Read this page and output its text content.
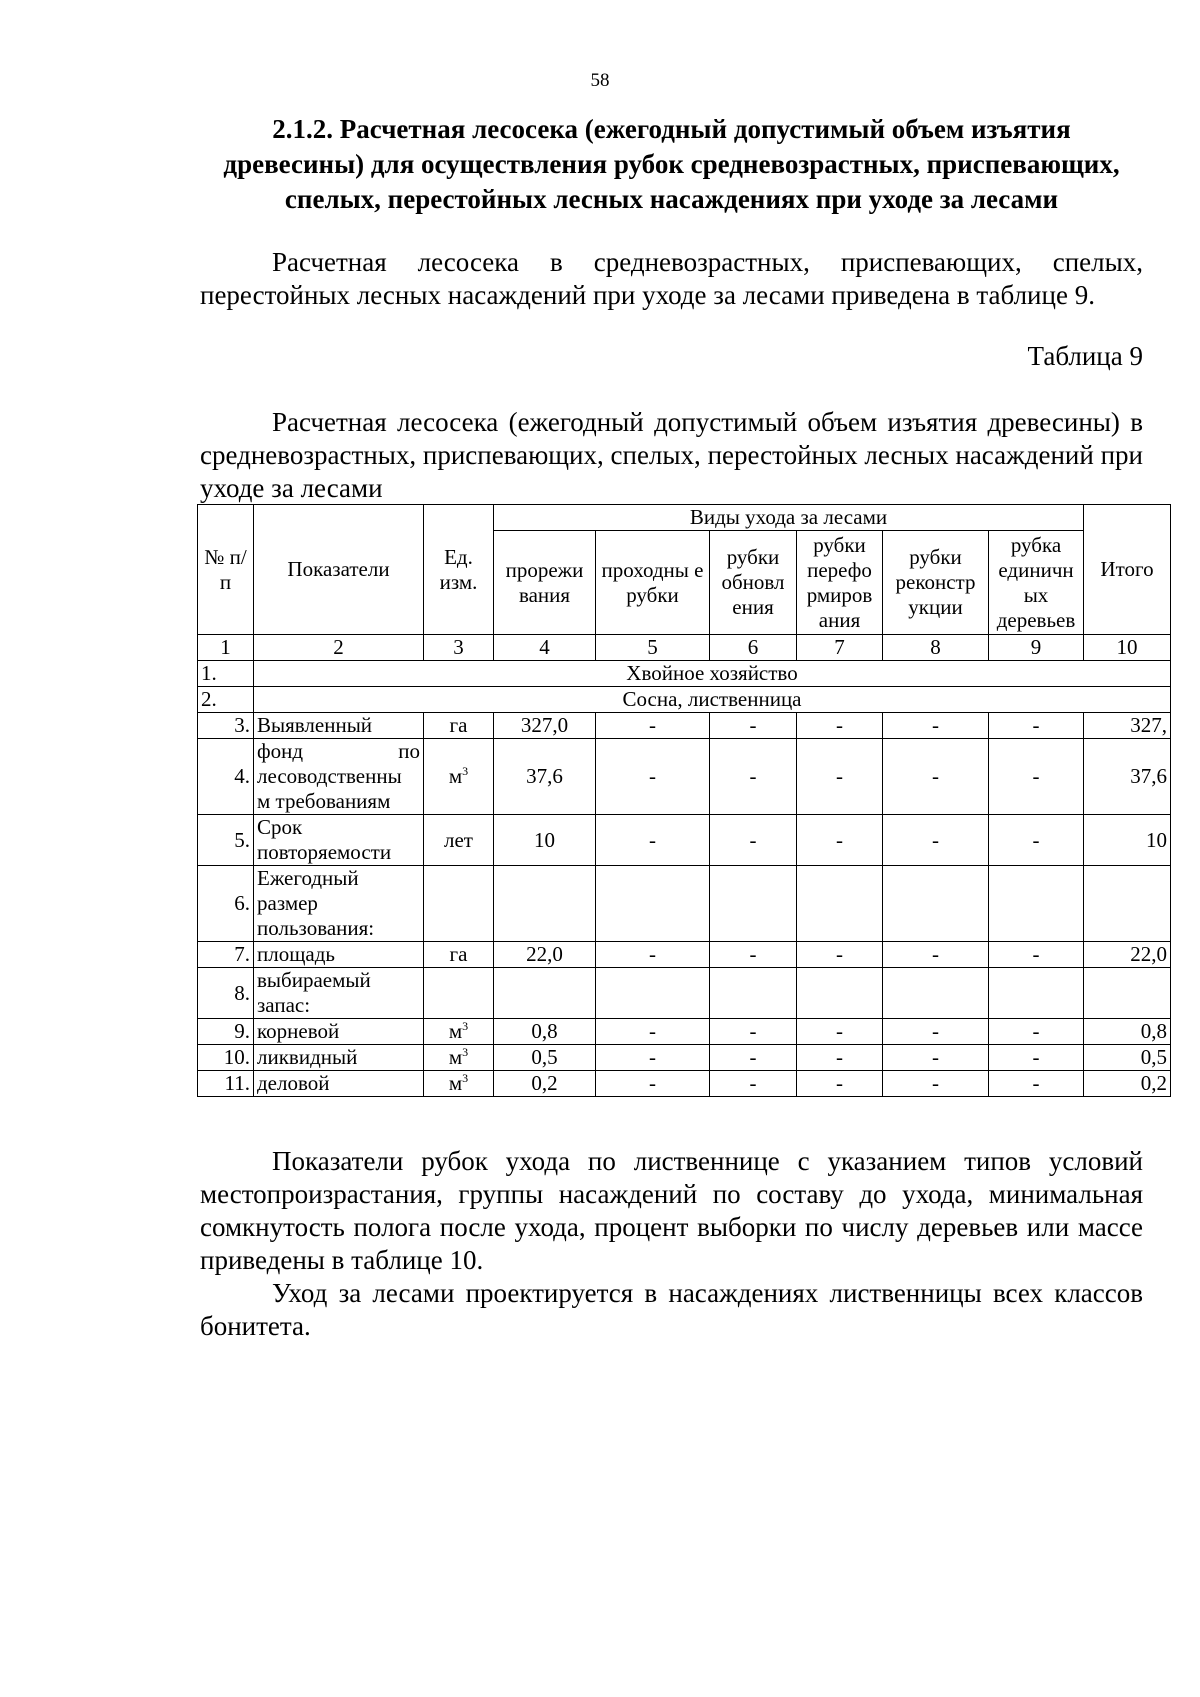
58
2.1.2. Расчетная лесосека (ежегодный допустимый объем изъятия древесины) для осуществления рубок средневозрастных, приспевающих, спелых, перестойных лесных насаждениях при уходе за лесами
Расчетная лесосека в средневозрастных, приспевающих, спелых, перестойных лесных насаждений при уходе за лесами приведена в таблице 9.
Таблица 9
Расчетная лесосека (ежегодный допустимый объем изъятия древесины) в средневозрастных, приспевающих, спелых, перестойных лесных насаждений при уходе за лесами
№ п/п	Показатели	Ед. изм.	Виды ухода за лесами						Итого
			прорежи вания	проходны е рубки	рубки обновл ения	рубки перефо рмиров ания	рубки реконстр укции	рубка единичн ых деревьев	
1	2	3	4	5	6	7	8	9	10
1.	Хвойное хозяйство								
2.	Сосна, лиственница								
3.	Выявленный	га	327,0	-	-	-	-	-	327,
4.	фонд по лесоводственны м требованиям	$м^3$	37,6	-	-	-	-	-	37,6
5.	Срок повторяемости	лет	10	-	-	-	-	-	10
6.	Ежегодный размер пользования:								
7.	площадь	га	22,0	-	-	-	-	-	22,0
8.	выбираемый запас:								
9.	корневой	$м^3$	0,8	-	-	-	-	-	0,8
10.	ликвидный	$м^3$	0,5	-	-	-	-	-	0,5
11.	деловой	$м^3$	0,2	-	-	-	-	-	0,2
Показатели рубок ухода по лиственнице с указанием типов условий местопроизрастания, группы насаждений по составу до ухода, минимальная сомкнутость полога после ухода, процент выборки по числу деревьев или массе приведены в таблице 10.
Уход за лесами проектируется в насаждениях лиственницы всех классов бонитета.
